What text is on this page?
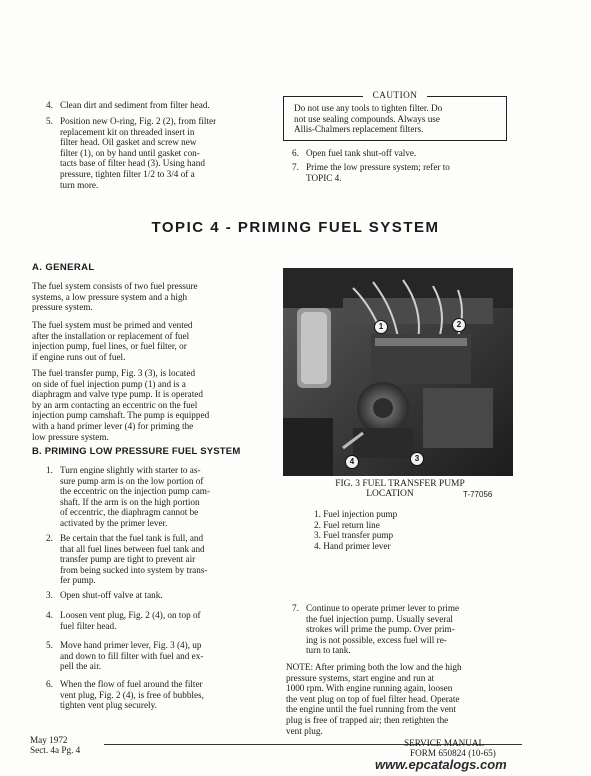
4. Clean dirt and sediment from filter head.
5. Position new O-ring, Fig. 2 (2), from filter
replacement kit on threaded insert in
filter head. Oil gasket and screw new
filter (1), on by hand until gasket con-
tacts base of filter head (3). Using hand
pressure, tighten filter 1/2 to 3/4 of a
turn more.
CAUTION
Do not use any tools to tighten filter. Do
not use sealing compounds. Always use
Allis-Chalmers replacement filters.
6. Open fuel tank shut-off valve.
7. Prime the low pressure system; refer to
TOPIC 4.
TOPIC 4 - PRIMING FUEL SYSTEM
A. GENERAL
The fuel system consists of two fuel pressure
systems, a low pressure system and a high
pressure system.
The fuel system must be primed and vented
after the installation or replacement of fuel
injection pump, fuel lines, or fuel filter, or
if engine runs out of fuel.
The fuel transfer pump, Fig. 3 (3), is located
on side of fuel injection pump (1) and is a
diaphragm and valve type pump. It is operated
by an arm contacting an eccentric on the fuel
injection pump camshaft. The pump is equipped
with a hand primer lever (4) for priming the
low pressure system.
B. PRIMING LOW PRESSURE FUEL SYSTEM
1. Turn engine slightly with starter to as-
sure pump arm is on the low portion of
the eccentric on the injection pump cam-
shaft. If the arm is on the high portion
of eccentric, the diaphragm cannot be
activated by the primer lever.
2. Be certain that the fuel tank is full, and
that all fuel lines between fuel tank and
transfer pump are tight to prevent air
from being sucked into system by trans-
fer pump.
3. Open shut-off valve at tank.
4. Loosen vent plug, Fig. 2 (4), on top of
fuel filter head.
5. Move hand primer lever, Fig. 3 (4), up
and down to fill filter with fuel and ex-
pell the air.
6. When the flow of fuel around the filter
vent plug, Fig. 2 (4), is free of bubbles,
tighten vent plug securely.
1	2
3
4
FIG. 3 FUEL TRANSFER PUMP
LOCATION	T-77056
1. Fuel injection pump
2. Fuel return line
3. Fuel transfer pump
4. Hand primer lever
7. Continue to operate primer lever to prime
the fuel injection pump. Usually several
strokes will prime the pump. Over prim-
ing is not possible, excess fuel will re-
turn to tank.
NOTE: After priming both the low and the high
pressure systems, start engine and run at
1000 rpm. With engine running again, loosen
the vent plug on top of fuel filter head. Operate
the engine until the fuel running from the vent
plug is free of trapped air; then retighten the
vent plug.
May 1972
Sect. 4a Pg. 4
SERVICE MANUAL
FORM 650824 (10-65)
www.epcatalogs.com
